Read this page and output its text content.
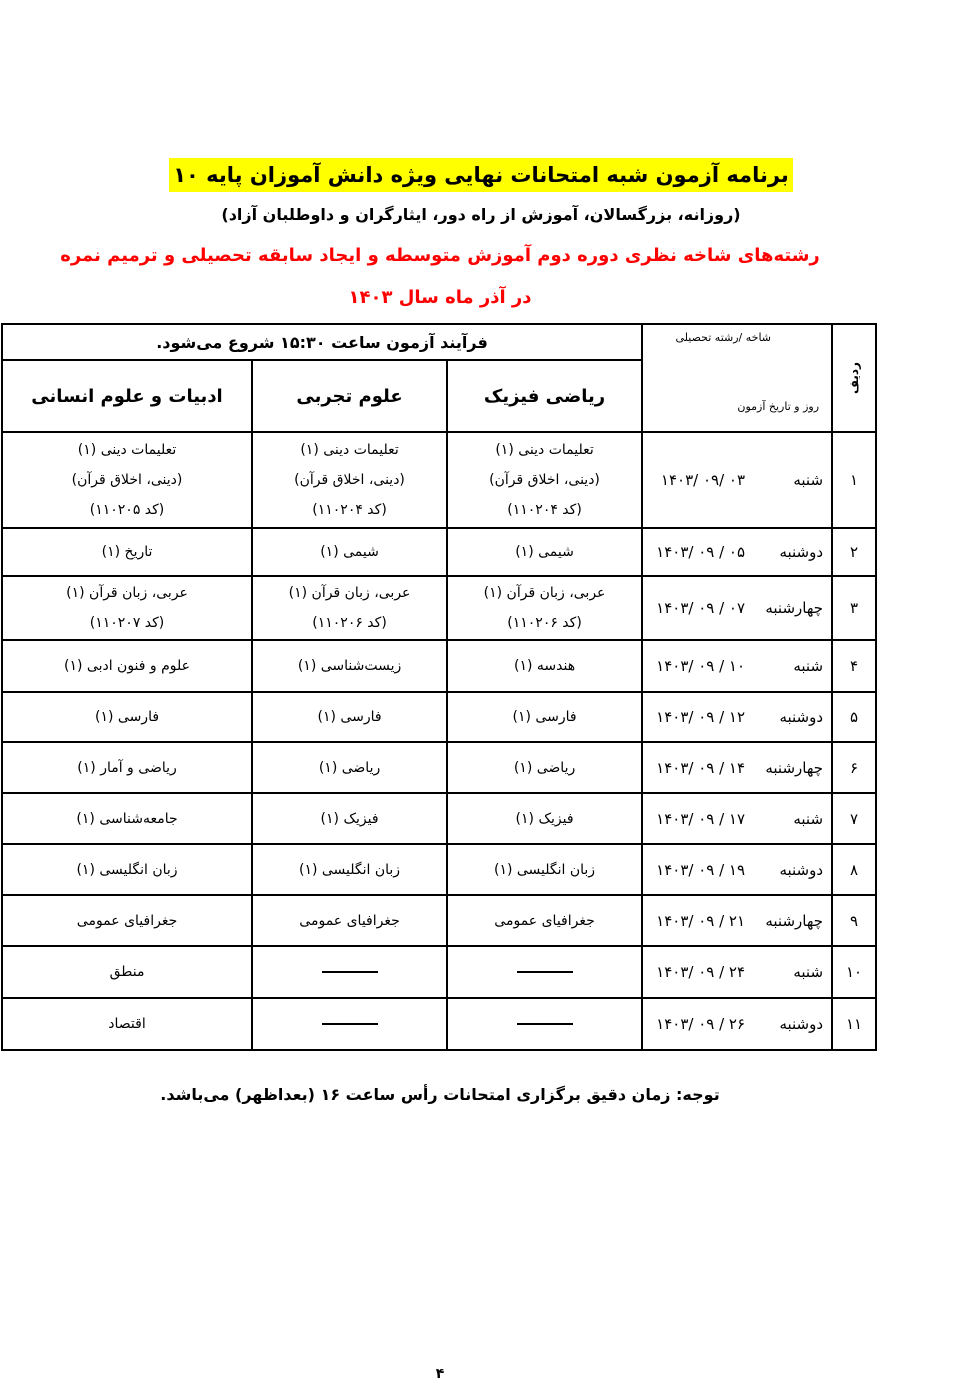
برنامه آزمون شبه امتحانات نهایی ویژه دانش آموزان پایه ۱۰
(روزانه، بزرگسالان، آموزش از راه دور، ایثارگران و داوطلبان آزاد)
رشته‌های شاخه نظری دوره دوم آموزش متوسطه و ایجاد سابقه تحصیلی و ترمیم نمره
در آذر ماه سال ۱۴۰۳
ردیف	شاخه /رشته تحصیلی
روز و تاریخ آزمون	فرآیند آزمون ساعت ۱۵:۳۰ شروع می‌شود.		
		ریاضی فیزیک	علوم تجربی	ادبیات و علوم انسانی
۱	شنبه۱۴۰۳/ ۰۹/ ۰۳	تعلیمات دینی (۱)
(دینی، اخلاق قرآن)
(کد ۱۱۰۲۰۴)	تعلیمات دینی (۱)
(دینی، اخلاق قرآن)
(کد ۱۱۰۲۰۴)	تعلیمات دینی (۱)
(دینی، اخلاق قرآن)
(کد ۱۱۰۲۰۵)

۲	دوشنبه۱۴۰۳/ ۰۹ / ۰۵	شیمی (۱)	شیمی (۱)	تاریخ (۱)

۳	چهارشنبه۱۴۰۳/ ۰۹ / ۰۷	عربی، زبان قرآن (۱)
(کد ۱۱۰۲۰۶)	عربی، زبان قرآن (۱)
(کد ۱۱۰۲۰۶)	عربی، زبان قرآن (۱)
(کد ۱۱۰۲۰۷)

۴	شنبه۱۴۰۳/ ۰۹ / ۱۰	هندسه (۱)	زیست‌شناسی (۱)	علوم و فنون ادبی (۱)

۵	دوشنبه۱۴۰۳/ ۰۹ / ۱۲	فارسی (۱)	فارسی (۱)	فارسی (۱)

۶	چهارشنبه۱۴۰۳/ ۰۹ / ۱۴	ریاضی (۱)	ریاضی (۱)	ریاضی و آمار (۱)

۷	شنبه۱۴۰۳/ ۰۹ / ۱۷	فیزیک (۱)	فیزیک (۱)	جامعه‌شناسی (۱)

۸	دوشنبه۱۴۰۳/ ۰۹ / ۱۹	زبان انگلیسی (۱)	زبان انگلیسی (۱)	زبان انگلیسی (۱)

۹	چهارشنبه۱۴۰۳/ ۰۹ / ۲۱	جغرافیای عمومی	جغرافیای عمومی	جغرافیای عمومی

۱۰	شنبه۱۴۰۳/ ۰۹ / ۲۴			منطق

۱۱	دوشنبه۱۴۰۳/ ۰۹ / ۲۶			اقتصاد
توجه: زمان دقیق برگزاری امتحانات رأس ساعت ۱۶ (بعداظهر) می‌باشد.
۴
